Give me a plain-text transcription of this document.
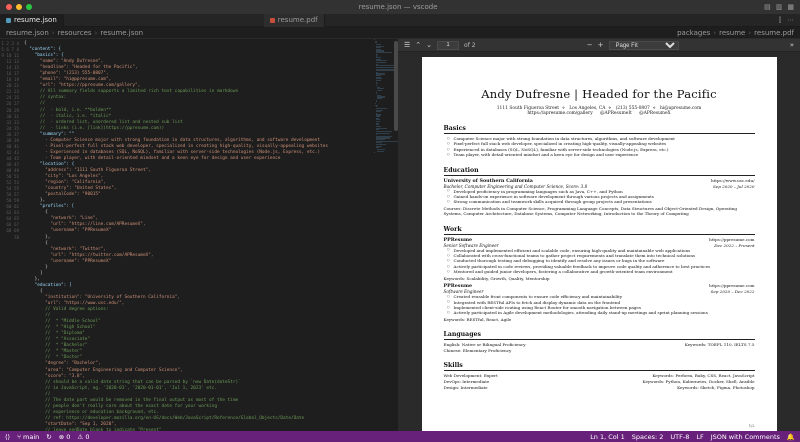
resume.json — vscode	▤ ▥ ▦
resume.json	resume.pdf	⫿ ⋯
resume.json › resources › resume.json	packages › resume › resume.pdf
1 2 3 4 5 6 7 8 9 10 11 12 13 14 15 16 17 18 19 20 21 22 23 24 25 26 27 28 29 30 31 32 33 34 35 36 37 38 39 40 41 42 43 44 45 46 47 48 49 50 51 52 53 54 55 56 57 58 59 60 61 62 63 64 65 66 67 68 69 70
{
"content": {
"basics": {
"name": "Andy Dufresne",
"headline": "Headed for the Pacific",
"phone": "(213) 555-0807",
"email": "hi@ppresume.com",
"url": "https://ppresume.com/gallery",
// All summary fields supports a limited rich text capabilities in markdown
// syntax:
//
//  - bold, i.e. **bolden**
//  - italic, i.e. *italic*
//  - ordered list, unordered list and nested sub list
//  - links (i.e. [link](https://ppresume.com))
"summary": ""
- Computer Science major with strong foundation in data structures, algorithms, and software development
- Pixel-perfect full stack web developer, specialized in creating high-quality, visually-appealing websites
- Experienced in databases (SQL, NoSQL), familiar with server-side technologies (Node.js, Express, etc.)
- Team player, with detail-oriented mindset and a keen eye for design and user experience
"location": {
"address": "1111 South Figueroa Street",
"city": "Los Angeles",
"region": "California",
"country": "United States",
"postalCode": "90015"
},
"profiles": [
{
"network": "Line",
"url": "https://line.com/APResumeX",
"username": "PPResumeX"
},
{
"network": "Twitter",
"url": "https://twitter.com/APResumeX",
"username": "PPResumeX"
}
]
},
"education": [
{
"institution": "University of Southern California",
"url": "https://www.usc.edu/",
// Valid degree options:
//
//  * "Middle School"
//  * "High School"
//  * "Diploma"
//  * "Associate"
//  * "Bachelor"
//  * "Master"
//  * "Doctor"
"degree": "Bachelor",
"area": "Computer Engineering and Computer Science",
"score": "3.8",
// should be a valid date string that can be parsed by `new Date(dateStr)`
// in JavaScript, eg. '2020-01', '2020-01-01', 'Jul 1, 2023' etc.
//
// The date part would be removed in the final output as most of the time
// people don't really care about the exact date for your working
// experience or education background, etc.
// ref: https://developer.mozilla.org/en-US/docs/Web/JavaScript/Reference/Global_Objects/Date/Date
"startDate": "Sep 1, 2020",
// leave endDate blank to indicate "Present"

☰ ⌃ ⌄
1	of 2	− +
Page Fit	»
Andy Dufresne | Headed for the Pacific
1111 South Figueroa Street ⋄ Los Angeles, CA ⋄ (213) 555-0807 ⋄ hi@apresume.com
https://apresume.com/gallery @APResumeIt @APResumeX
Basics
○ Computer Science major with strong foundation in data structures, algorithms, and software development
○ Pixel-perfect full stack web developer, specialized in creating high-quality, visually-appealing websites
○ Experienced in databases (SQL, NoSQL), familiar with server-side technologies (Node.js, Express, etc.)
○ Team player, with detail-oriented mindset and a keen eye for design and user experience
Education
University of Southern California	https://www.usc.edu/
Bachelor, Computer Engineering and Computer Science, Score: 3.8	Sep 2020 – Jul 2020
○ Developed proficiency in programming languages such as Java, C++, and Python
○ Gained hands-on experience in software development through various projects and assignments
○ Strong communication and teamwork skills acquired through group projects and presentations
Courses: Discrete Methods in Computer Science, Programming Language Concepts, Data Structures and Object-Oriented Design, Operating Systems, Computer Architecture, Database Systems, Computer Networking, Introduction to the Theory of Computing
Work
PPResume	https://ppresume.com
Senior Software Engineer	Dec 2022 – Present
○ Developed and implemented efficient and scalable code, ensuring high-quality and maintainable web applications
○ Collaborated with cross-functional teams to gather project requirements and translate them into technical solutions
○ Conducted thorough testing and debugging to identify and resolve any issues or bugs in the software
○ Actively participated in code reviews, providing valuable feedback to improve code quality and adherence to best practices
○ Mentored and guided junior developers, fostering a collaborative and growth-oriented team environment
Keywords: Scalability, Growth, Quality, Mentorship
PPResume	https://ppresume.com
Software Engineer	Sep 2020 – Dec 2022
○ Created reusable front components to ensure code efficiency and maintainability
○ Integrated with RESTful APIs to fetch and display dynamic data on the frontend
○ Implemented client-side routing using React Router for smooth navigation between pages
○ Actively participated in Agile development methodologies, attending daily stand-up meetings and sprint planning sessions
Keywords: RESTful, React, Agile
Languages
English: Native or Bilingual Proficiency	Keywords: TOEFL 110, IELTS 7.5
Chinese: Elementary Proficiency
Skills
Web Development: Expert	Keywords: Perform, Ruby, CSS, React, JavaScript
DevOps: Intermediate	Keywords: Python, Kubernetes, Docker, Shell, Ansible
Design: Intermediate	Keywords: Sketch, Figma, Photoshop
1/2
⟨⟩ ⑂ main ↻ ⊗ 0 ⚠ 0	Ln 1, Col 1 Spaces: 2 UTF-8 LF JSON with Comments 🔔
